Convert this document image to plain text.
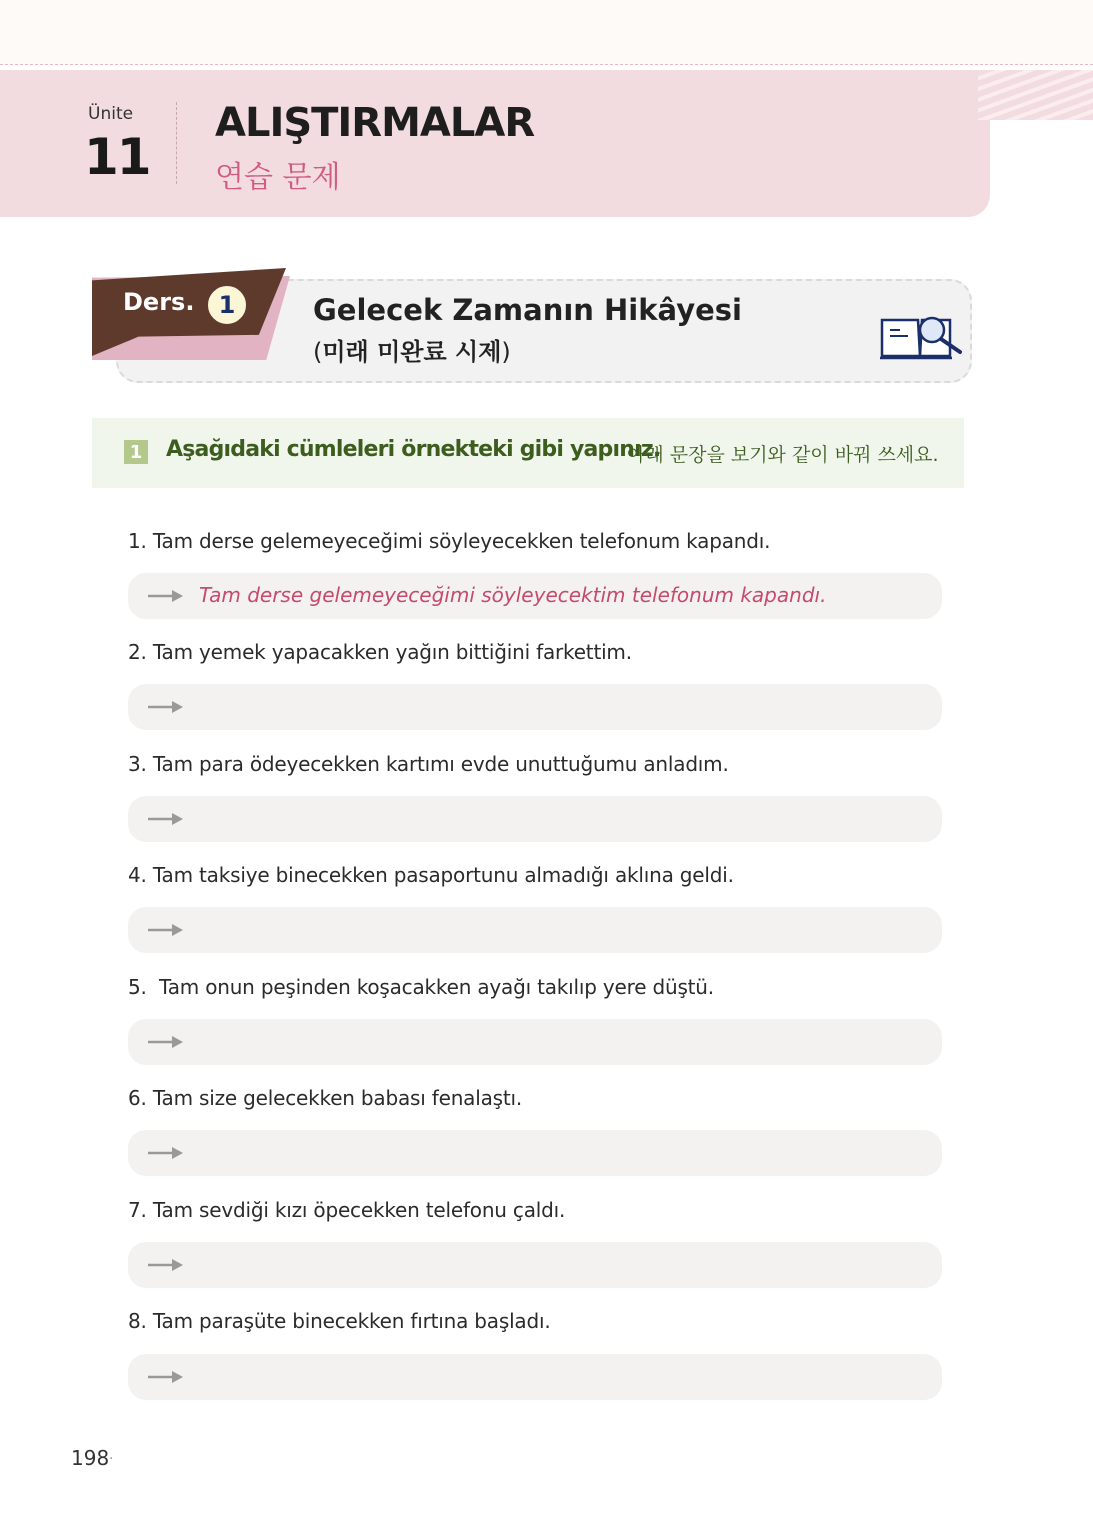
Ünite
11
ALIŞTIRMALAR
연습 문제
Ders.	1	Gelecek Zamanın Hikâyesi
(미래 미완료 시제)
1 Aşağıdaki cümleleri örnekteki gibi yapınız.
아래 문장을 보기와 같이 바꿔 쓰세요.
1. Tam derse gelemeyeceğimi söyleyecekken telefonum kapandı.
Tam derse gelemeyeceğimi söyleyecektim telefonum kapandı.
2. Tam yemek yapacakken yağın bittiğini farkettim.
3. Tam para ödeyecekken kartımı evde unuttuğumu anladım.
4. Tam taksiye binecekken pasaportunu almadığı aklına geldi.
5.  Tam onun peşinden koşacakken ayağı takılıp yere düştü.
6. Tam size gelecekken babası fenalaştı.
7. Tam sevdiği kızı öpecekken telefonu çaldı.
8. Tam paraşüte binecekken fırtına başladı.
198 ·
